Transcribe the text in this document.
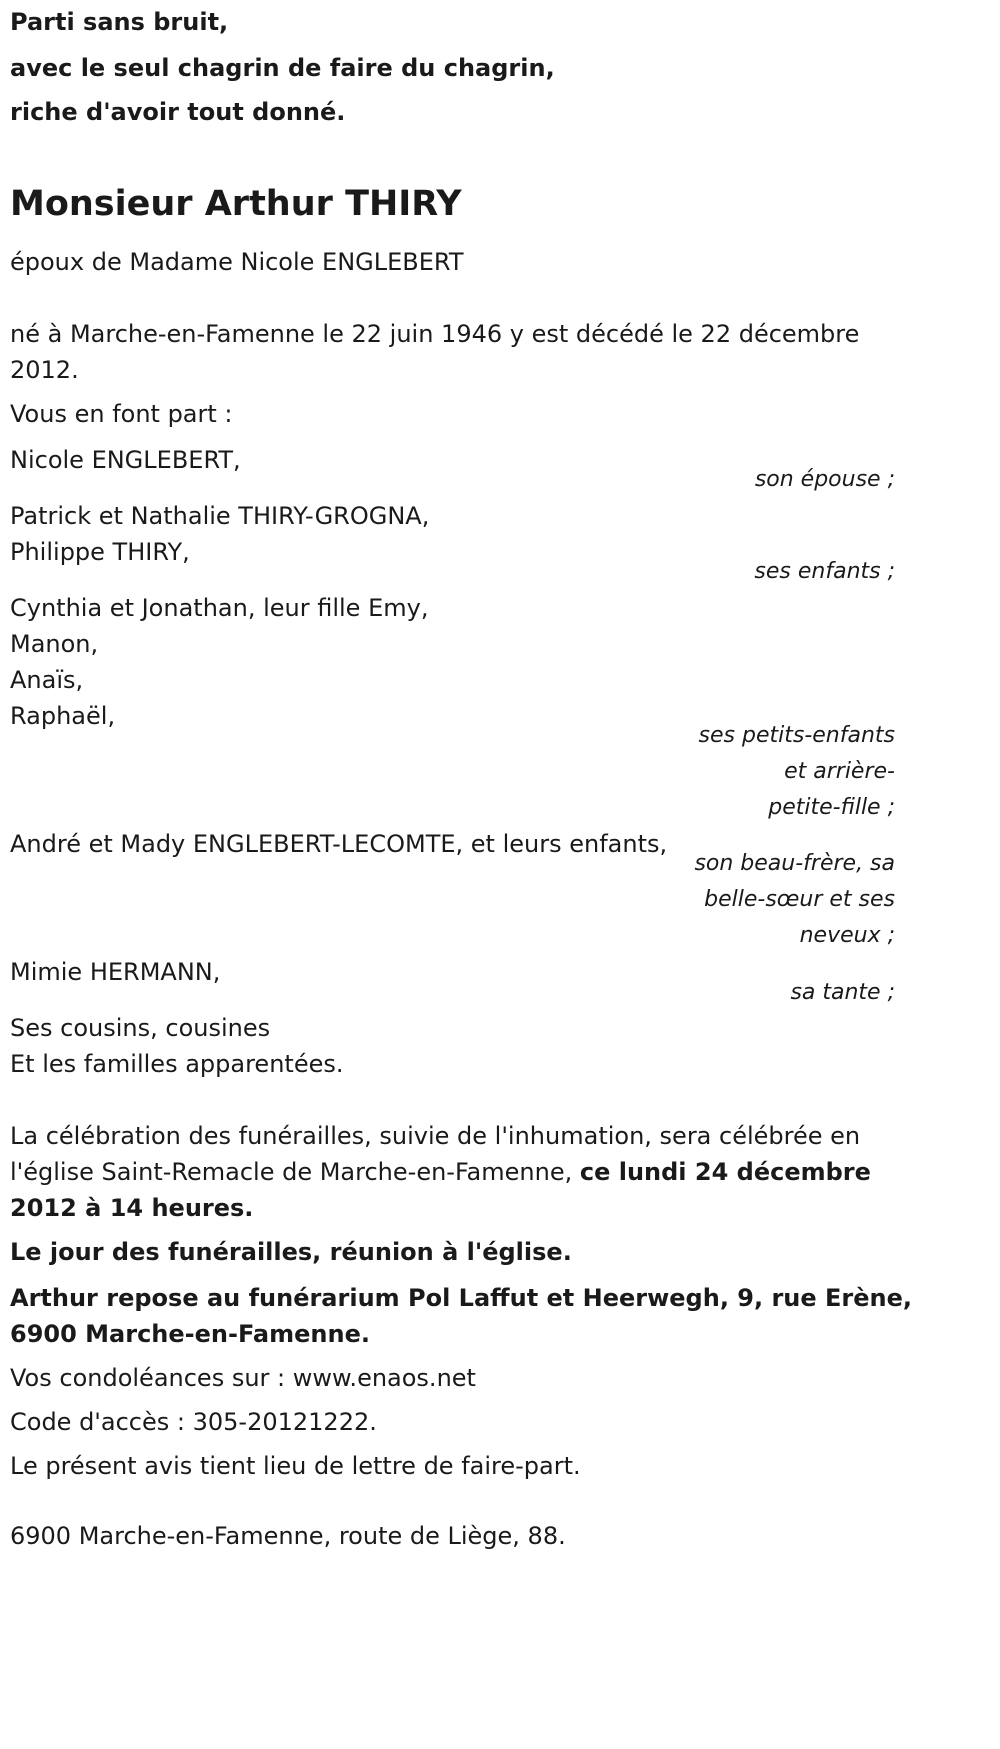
Parti sans bruit,
avec le seul chagrin de faire du chagrin,
riche d'avoir tout donné.
Monsieur Arthur THIRY
époux de Madame Nicole ENGLEBERT
né à Marche-en-Famenne le 22 juin 1946 y est décédé le 22 décembre
2012.
Vous en font part :
Nicole ENGLEBERT,
son épouse ;
Patrick et Nathalie THIRY-GROGNA,
Philippe THIRY,
ses enfants ;
Cynthia et Jonathan, leur fille Emy,
Manon,
Anaïs,
Raphaël,
ses petits-enfants
et arrière-
petite-fille ;
André et Mady ENGLEBERT-LECOMTE, et leurs enfants,
son beau-frère, sa
belle-sœur et ses
neveux ;
Mimie HERMANN,
sa tante ;
Ses cousins, cousines
Et les familles apparentées.
La célébration des funérailles, suivie de l'inhumation, sera célébrée en
l'église Saint-Remacle de Marche-en-Famenne, ce lundi 24 décembre
2012 à 14 heures.
Le jour des funérailles, réunion à l'église.
Arthur repose au funérarium Pol Laffut et Heerwegh, 9, rue Erène,
6900 Marche-en-Famenne.
Vos condoléances sur : www.enaos.net
Code d'accès : 305-20121222.
Le présent avis tient lieu de lettre de faire-part.
6900 Marche-en-Famenne, route de Liège, 88.
